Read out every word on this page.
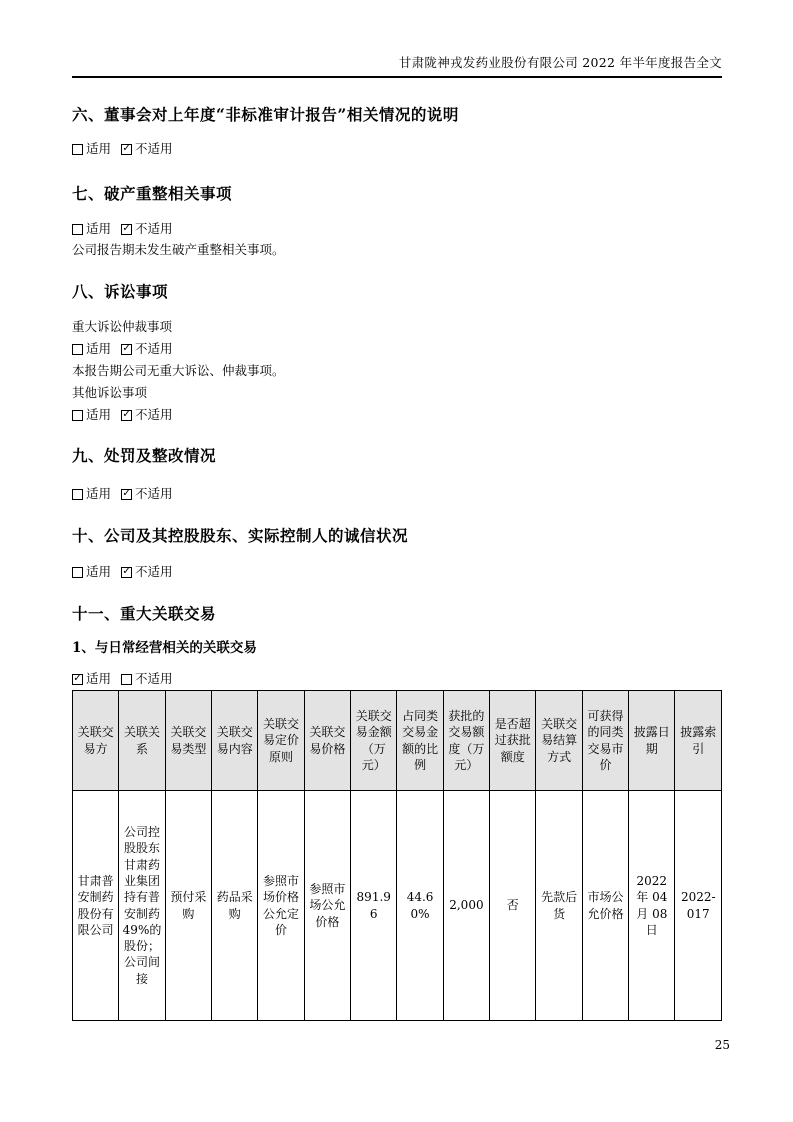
甘肃陇神戎发药业股份有限公司 2022 年半年度报告全文
六、董事会对上年度“非标准审计报告”相关情况的说明
适用 ✓ 不适用
七、破产重整相关事项
适用 ✓ 不适用
公司报告期未发生破产重整相关事项。
八、诉讼事项
重大诉讼仲裁事项
适用 ✓ 不适用
本报告期公司无重大诉讼、仲裁事项。
其他诉讼事项
适用 ✓ 不适用
九、处罚及整改情况
适用 ✓ 不适用
十、公司及其控股股东、实际控制人的诚信状况
适用 ✓ 不适用
十一、重大关联交易
1、与日常经营相关的关联交易
✓ 适用 不适用
关联交易方	关联关系	关联交易类型	关联交易内容	关联交易定价原则	关联交易价格	关联交易金额（万元）	占同类交易金额的比例	获批的交易额度（万元）	是否超过获批额度	关联交易结算方式	可获得的同类交易市价	披露日期	披露索引
甘肃普安制药股份有限公司	公司控股股东甘肃药业集团持有普安制药49%的股份；公司间接	预付采购	药品采购	参照市场价格公允定价	参照市场公允价格	891.96	44.60%	2,000	否	先款后货	市场公允价格	2022 年 04 月 08 日	2022-017
25
